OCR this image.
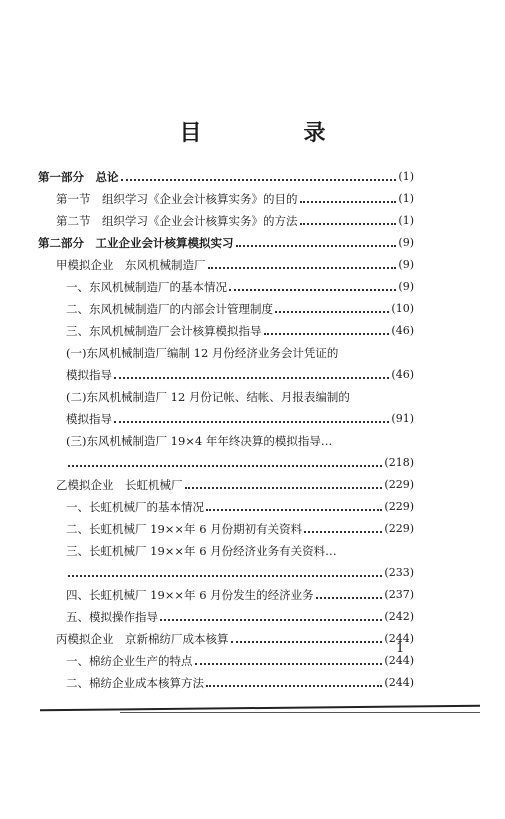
目　录
第一部分　总论	(1)
第一节　组织学习《企业会计核算实务》的目的	(1)
第二节　组织学习《企业会计核算实务》的方法	(1)
第二部分　工业企业会计核算模拟实习	(9)
甲模拟企业　东风机械制造厂	(9)
一、东风机械制造厂的基本情况	(9)
二、东风机械制造厂的内部会计管理制度	(10)
三、东风机械制造厂会计核算模拟指导	(46)
(一)东风机械制造厂编制 12 月份经济业务会计凭证的
模拟指导	(46)
(二)东风机械制造厂 12 月份记帐、结帐、月报表编制的
模拟指导	(91)
(三)东风机械制造厂 19×4 年年终决算的模拟指导…
(218)
乙模拟企业　长虹机械厂	(229)
一、长虹机械厂的基本情况	(229)
二、长虹机械厂 19××年 6 月份期初有关资料	(229)
三、长虹机械厂 19××年 6 月份经济业务有关资料…
(233)
四、长虹机械厂 19××年 6 月份发生的经济业务	(237)
五、模拟操作指导	(242)
丙模拟企业　京新棉纺厂成本核算	(244)
一、棉纺企业生产的特点	(244)
二、棉纺企业成本核算方法	(244)
1
